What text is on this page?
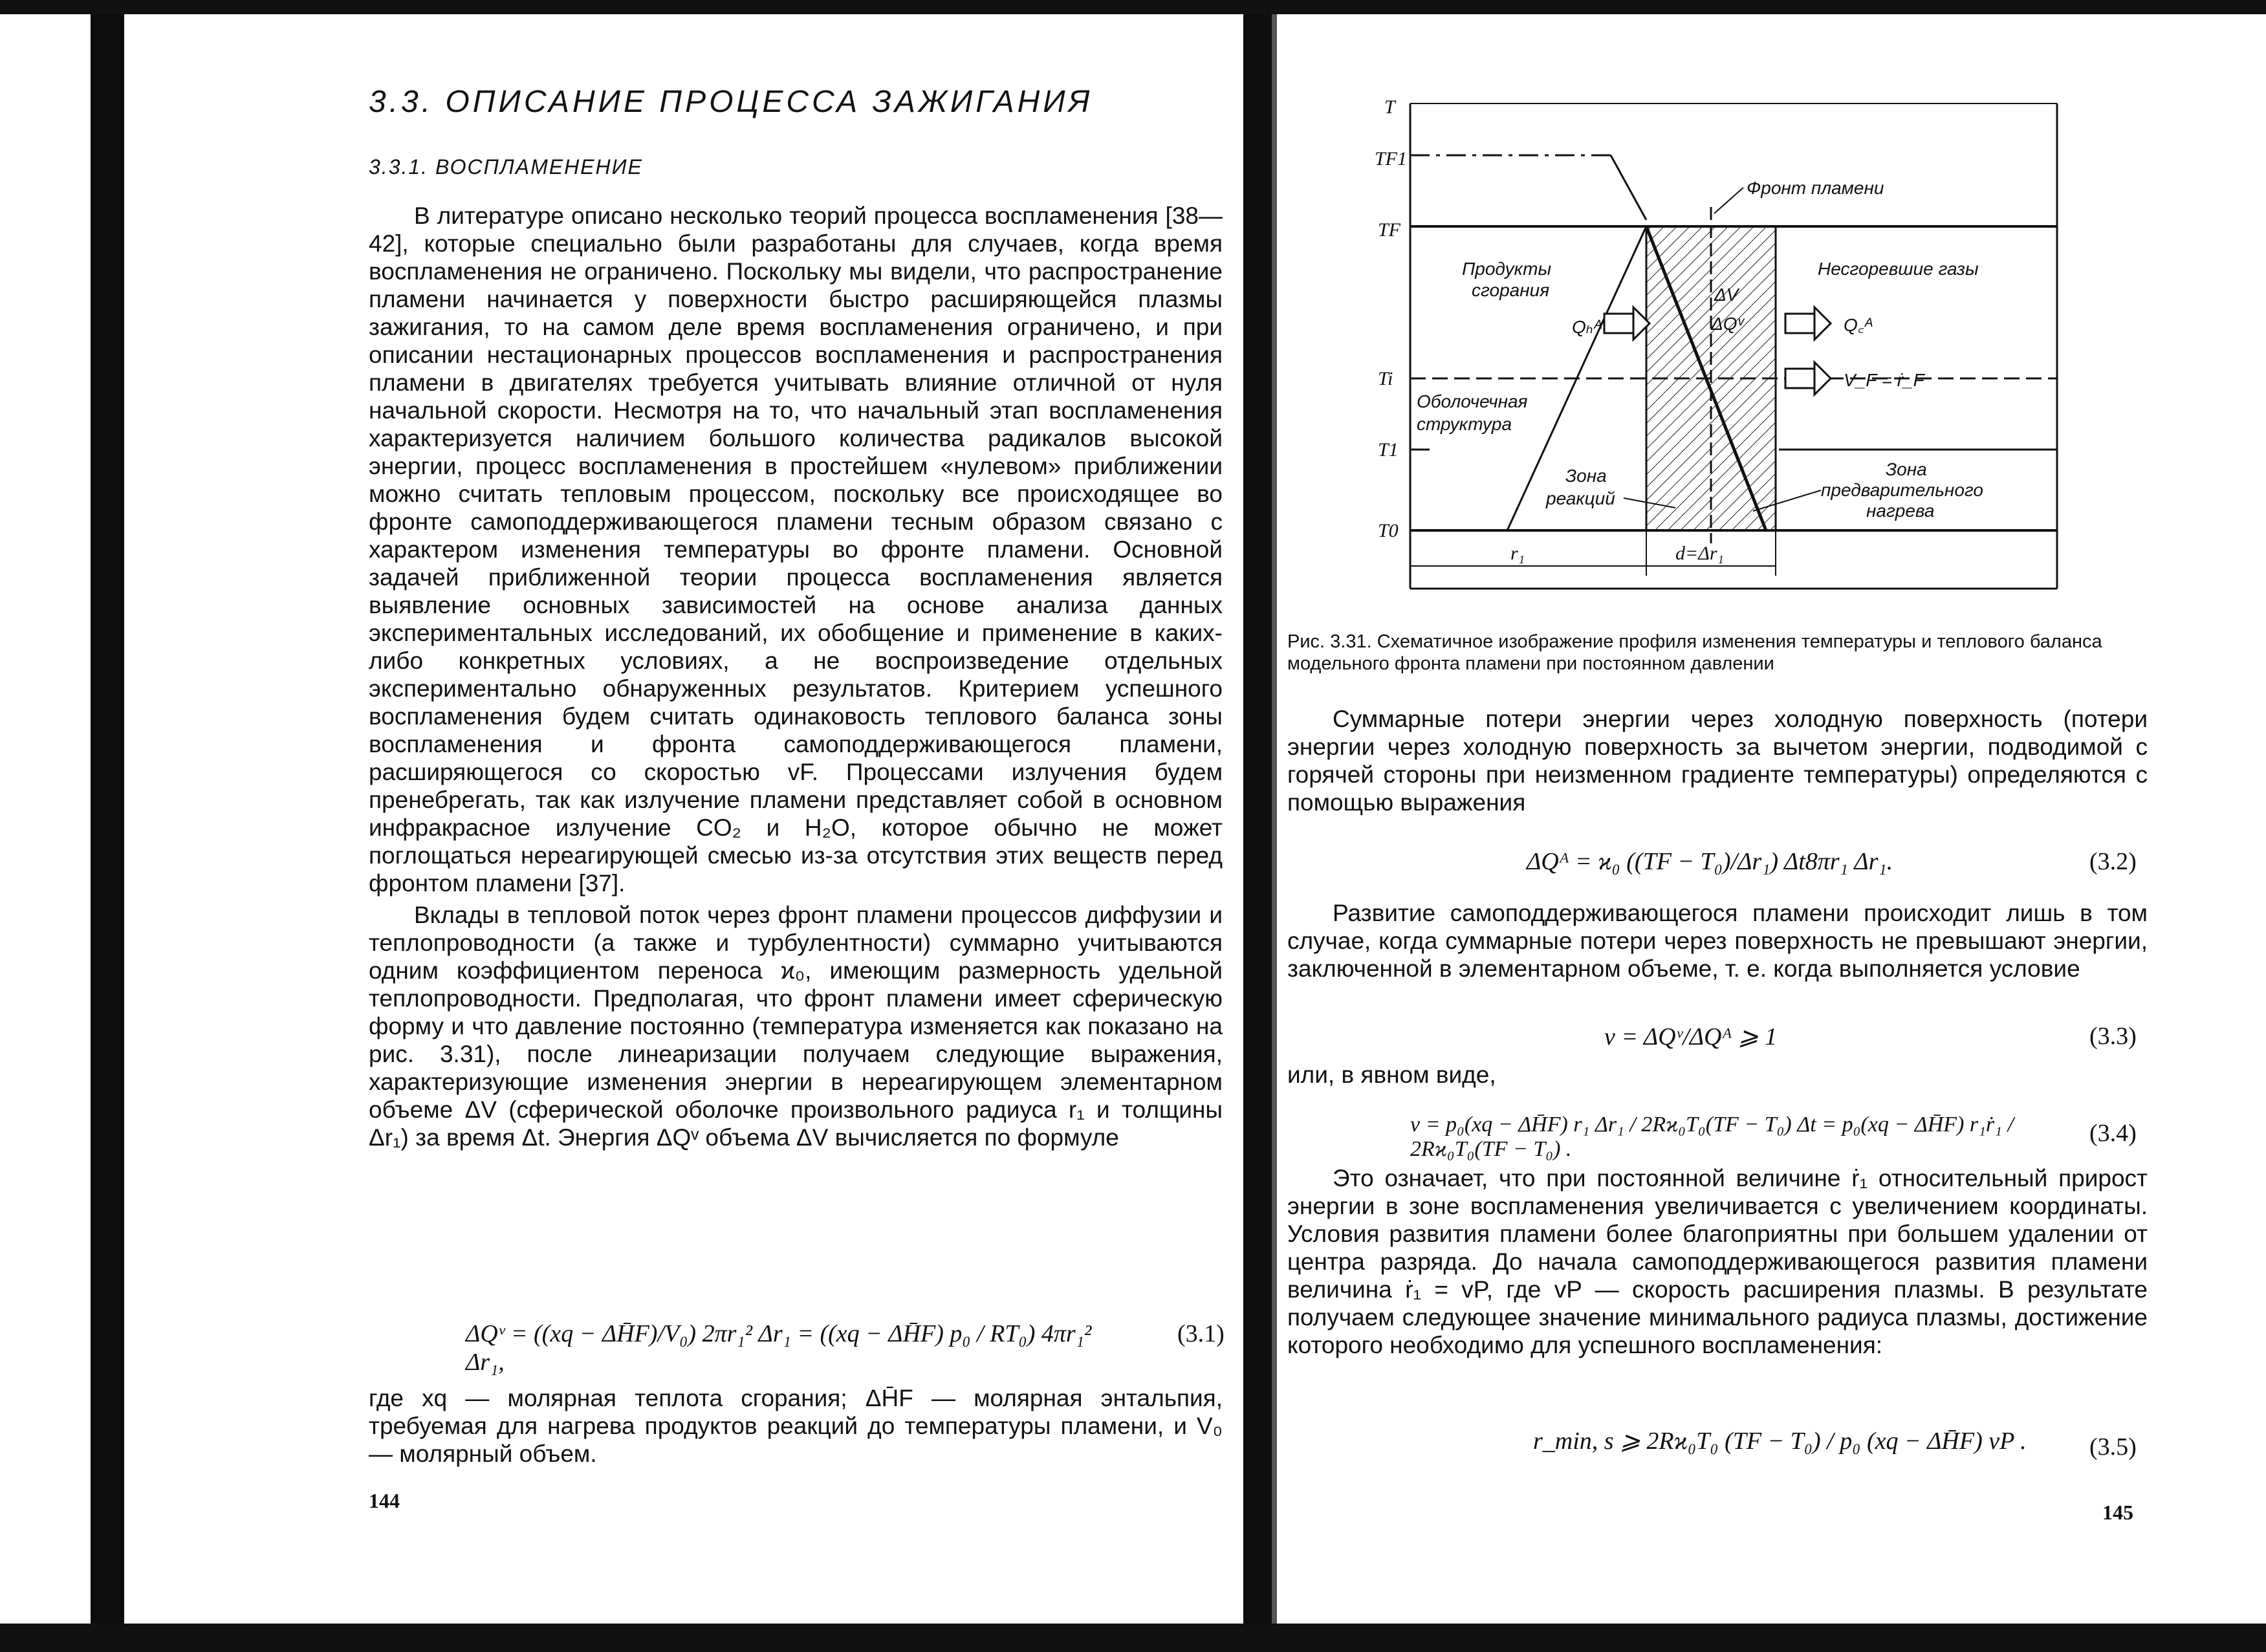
3.3. ОПИСАНИЕ ПРОЦЕССА ЗАЖИГАНИЯ
3.3.1. ВОСПЛАМЕНЕНИЕ

В литературе описано несколько теорий процесса воспламенения [38—42], которые специально были разработаны для случаев, когда время воспламенения не ограничено. Поскольку мы видели, что распространение пламени начинается у поверхности быстро расширяющейся плазмы зажигания, то на самом деле время воспламенения ограничено, и при описании нестационарных процессов воспламенения и распространения пламени в двигателях требуется учитывать влияние отличной от нуля начальной скорости. Несмотря на то, что начальный этап воспламенения характеризуется наличием большого количества радикалов высокой энергии, процесс воспламенения в простейшем «нулевом» приближении можно считать тепловым процессом, поскольку все происходящее во фронте самоподдерживающегося пламени тесным образом связано с характером изменения температуры во фронте пламени. Основной задачей приближенной теории процесса воспламенения является выявление основных зависимостей на основе анализа данных экспериментальных исследований, их обобщение и применение в каких-либо конкретных условиях, а не воспроизведение отдельных экспериментально обнаруженных результатов. Критерием успешного воспламенения будем считать одинаковость теплового баланса зоны воспламенения и фронта самоподдерживающегося пламени, расширяющегося со скоростью vF. Процессами излучения будем пренебрегать, так как излучение пламени представляет собой в основном инфракрасное излучение CO₂ и H₂O, которое обычно не может поглощаться нереагирующей смесью из-за отсутствия этих веществ перед фронтом пламени [37].

Вклады в тепловой поток через фронт пламени процессов диффузии и теплопроводности (а также и турбулентности) суммарно учитываются одним коэффициентом переноса ϰ₀, имеющим размерность удельной теплопроводности. Предполагая, что фронт пламени имеет сферическую форму и что давление постоянно (температура изменяется как показано на рис. 3.31), после линеаризации получаем следующие выражения, характеризующие изменения энергии в нереагирующем элементарном объеме ΔV (сферической оболочке произвольного радиуса r₁ и толщины Δr₁) за время Δt. Энергия ΔQᵛ объема ΔV вычисляется по формуле

ΔQᵛ = ((xq − ΔH̄F)/V₀) 2πr₁² Δr₁ = ((xq − ΔH̄F) p₀ / RT₀) 4πr₁² Δr₁,
(3.1)

где xq — молярная теплота сгорания; ΔH̄F — молярная энтальпия, требуемая для нагрева продуктов реакций до температуры пламени, и V₀ — молярный объем.

144
T
TF1
TF
Ti
T1
T0
Фронт пламени
Продукты
сгорания
Несгоревшие газы
Qₕᴬ
ΔV
ΔQᵛ	Q꜀ᴬ
V_F = ṙ_F
Оболочечная
структура
Зона
реакций
Зона
предварительного
нагрева
r₁	d=Δr₁
Рис. 3.31. Схематичное изображение профиля изменения температуры и теплового баланса модельного фронта пламени при постоянном давлении

Суммарные потери энергии через холодную поверхность (потери энергии через холодную поверхность за вычетом энергии, подводимой с горячей стороны при неизменном градиенте температуры) определяются с помощью выражения

ΔQᴬ = ϰ₀ ((TF − T₀)/Δr₁) Δt8πr₁ Δr₁.	(3.2)

Развитие самоподдерживающегося пламени происходит лишь в том случае, когда суммарные потери через поверхность не превышают энергии, заключенной в элементарном объеме, т. е. когда выполняется условие

ν = ΔQᵛ/ΔQᴬ ⩾ 1	(3.3)

или, в явном виде,

ν = p₀(xq − ΔH̄F) r₁ Δr₁ / 2Rϰ₀T₀(TF − T₀) Δt = p₀(xq − ΔH̄F) r₁ṙ₁ / 2Rϰ₀T₀(TF − T₀) .
(3.4)

Это означает, что при постоянной величине ṙ₁ относительный прирост энергии в зоне воспламенения увеличивается с увеличением координаты. Условия развития пламени более благоприятны при большем удалении от центра разряда. До начала самоподдерживающегося развития пламени величина ṙ₁ = vP, где vP — скорость расширения плазмы. В результате получаем следующее значение минимального радиуса плазмы, достижение которого необходимо для успешного воспламенения:

r_min, s ⩾ 2Rϰ₀T₀ (TF − T₀) / p₀ (xq − ΔH̄F) vP .	(3.5)
145
